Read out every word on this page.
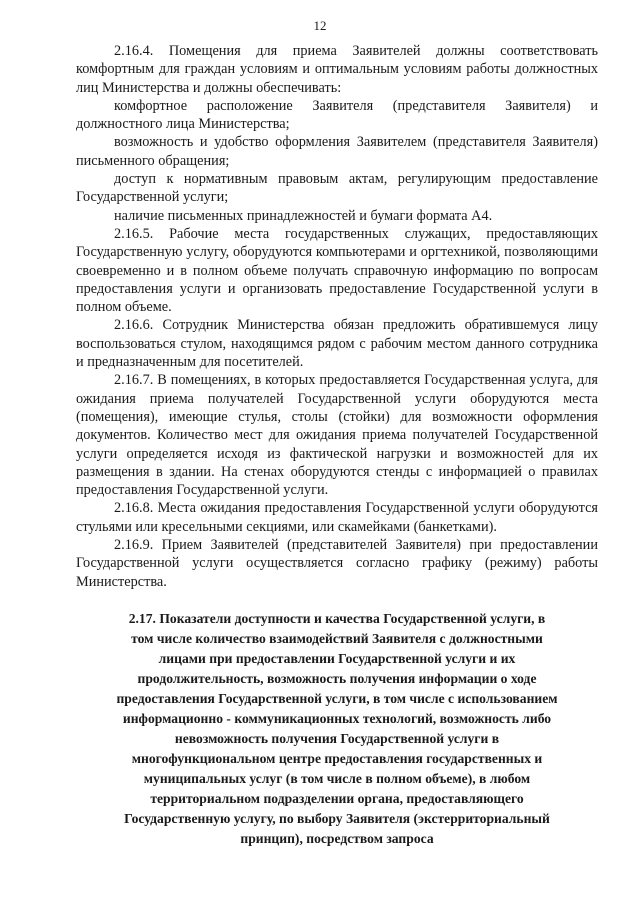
12

2.16.4. Помещения для приема Заявителей должны соответствовать комфортным для граждан условиям и оптимальным условиям работы должностных лиц Министерства и должны обеспечивать:

комфортное расположение Заявителя (представителя Заявителя) и должностного лица Министерства;

возможность и удобство оформления Заявителем (представителя Заявителя) письменного обращения;

доступ к нормативным правовым актам, регулирующим предоставление Государственной услуги;

наличие письменных принадлежностей и бумаги формата А4.

2.16.5. Рабочие места государственных служащих, предоставляющих Государственную услугу, оборудуются компьютерами и оргтехникой, позволяющими своевременно и в полном объеме получать справочную информацию по вопросам предоставления услуги и организовать предоставление Государственной услуги в полном объеме.

2.16.6. Сотрудник Министерства обязан предложить обратившемуся лицу воспользоваться стулом, находящимся рядом с рабочим местом данного сотрудника и предназначенным для посетителей.

2.16.7. В помещениях, в которых предоставляется Государственная услуга, для ожидания приема получателей Государственной услуги оборудуются места (помещения), имеющие стулья, столы (стойки) для возможности оформления документов. Количество мест для ожидания приема получателей Государственной услуги определяется исходя из фактической нагрузки и возможностей для их размещения в здании. На стенах оборудуются стенды с информацией о правилах предоставления Государственной услуги.

2.16.8. Места ожидания предоставления Государственной услуги оборудуются стульями или кресельными секциями, или скамейками (банкетками).

2.16.9. Прием Заявителей (представителей Заявителя) при предоставлении Государственной услуги осуществляется согласно графику (режиму) работы Министерства.

2.17. Показатели доступности и качества Государственной услуги, в том числе количество взаимодействий Заявителя с должностными лицами при предоставлении Государственной услуги и их продолжительность, возможность получения информации о ходе предоставления Государственной услуги, в том числе с использованием информационно - коммуникационных технологий, возможность либо невозможность получения Государственной услуги в многофункциональном центре предоставления государственных и муниципальных услуг (в том числе в полном объеме), в любом территориальном подразделении органа, предоставляющего Государственную услугу, по выбору Заявителя (экстерриториальный принцип), посредством запроса
